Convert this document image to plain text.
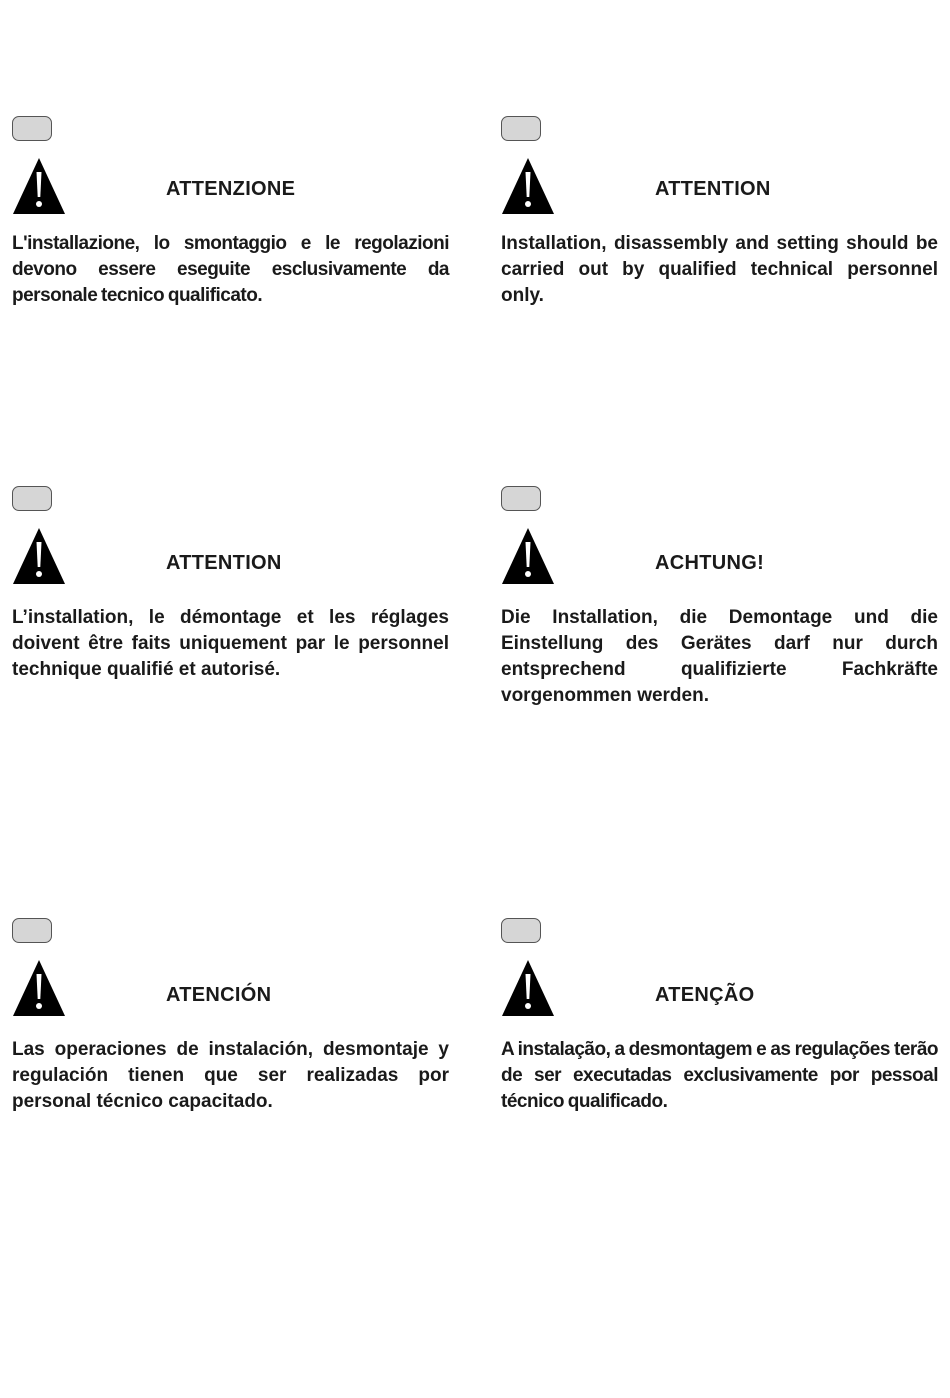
ATTENZIONE

L'installazione, lo smontaggio e le regolazioni devono essere eseguite esclusivamente da personale tecnico qualificato.

ATTENTION

Installation, disassembly and setting should be carried out by qualified technical personnel only.

ATTENTION

L’installation, le démontage et les réglages doivent être faits uniquement par le personnel technique qualifié et autorisé.

ACHTUNG!

Die Installation, die Demontage und die Einstellung des Gerätes darf nur durch entsprechend qualifizierte Fachkräfte vorgenommen werden.

ATENCIÓN

Las operaciones de instalación, desmontaje y regulación tienen que ser realizadas por personal técnico capacitado.

ATENÇÃO

A instalação, a desmontagem e as regulações terão de ser executadas exclusivamente por pessoal técnico qualificado.
